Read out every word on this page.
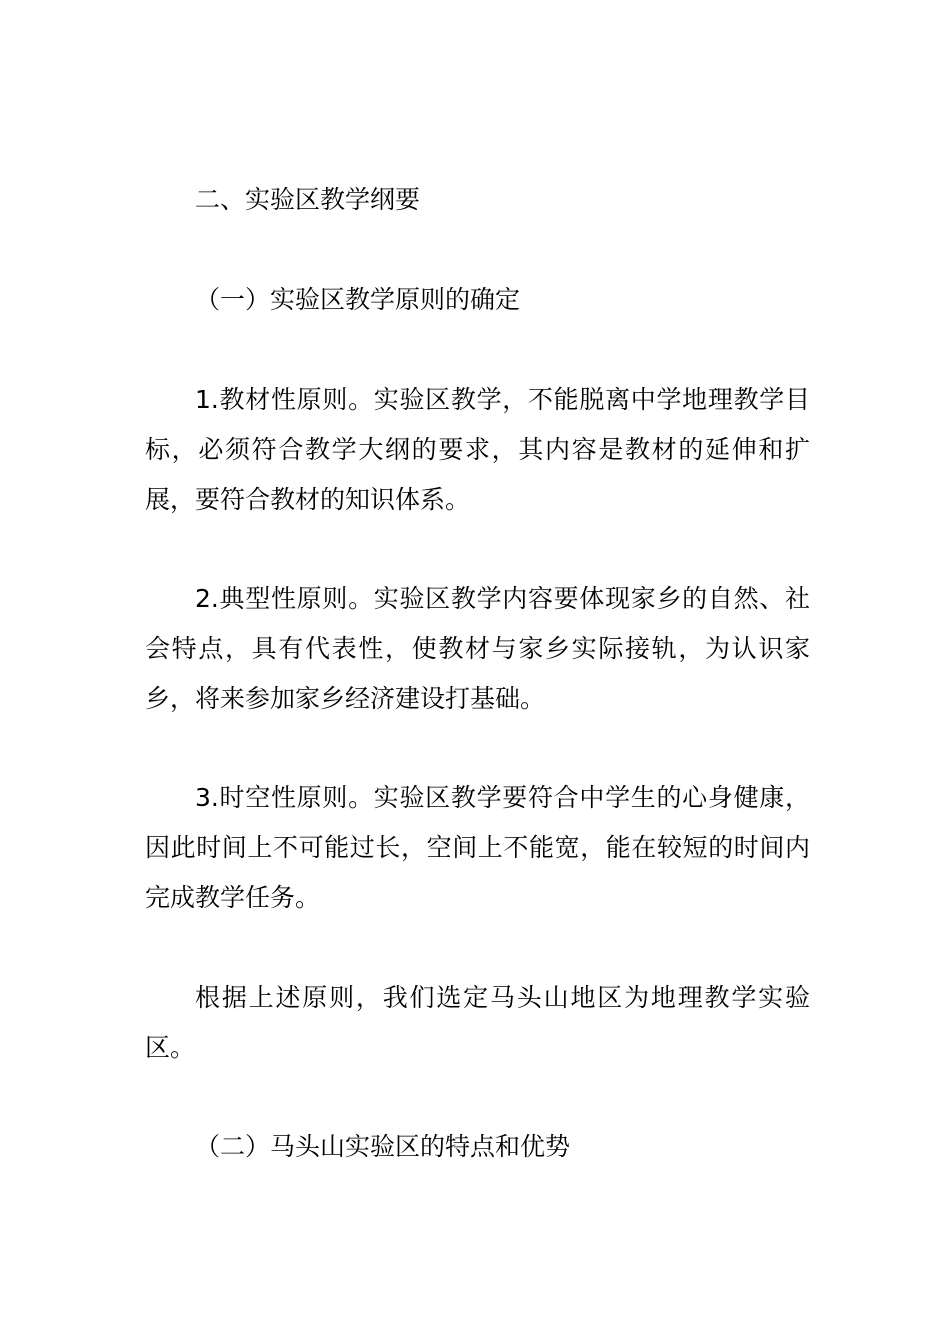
二、实验区教学纲要

（一）实验区教学原则的确定

1.教材性原则。实验区教学，不能脱离中学地理教学目标，必须符合教学大纲的要求，其内容是教材的延伸和扩展，要符合教材的知识体系。

2.典型性原则。实验区教学内容要体现家乡的自然、社会特点，具有代表性，使教材与家乡实际接轨，为认识家乡，将来参加家乡经济建设打基础。

3.时空性原则。实验区教学要符合中学生的心身健康，因此时间上不可能过长，空间上不能宽，能在较短的时间内完成教学任务。

根据上述原则，我们选定马头山地区为地理教学实验区。

（二）马头山实验区的特点和优势
